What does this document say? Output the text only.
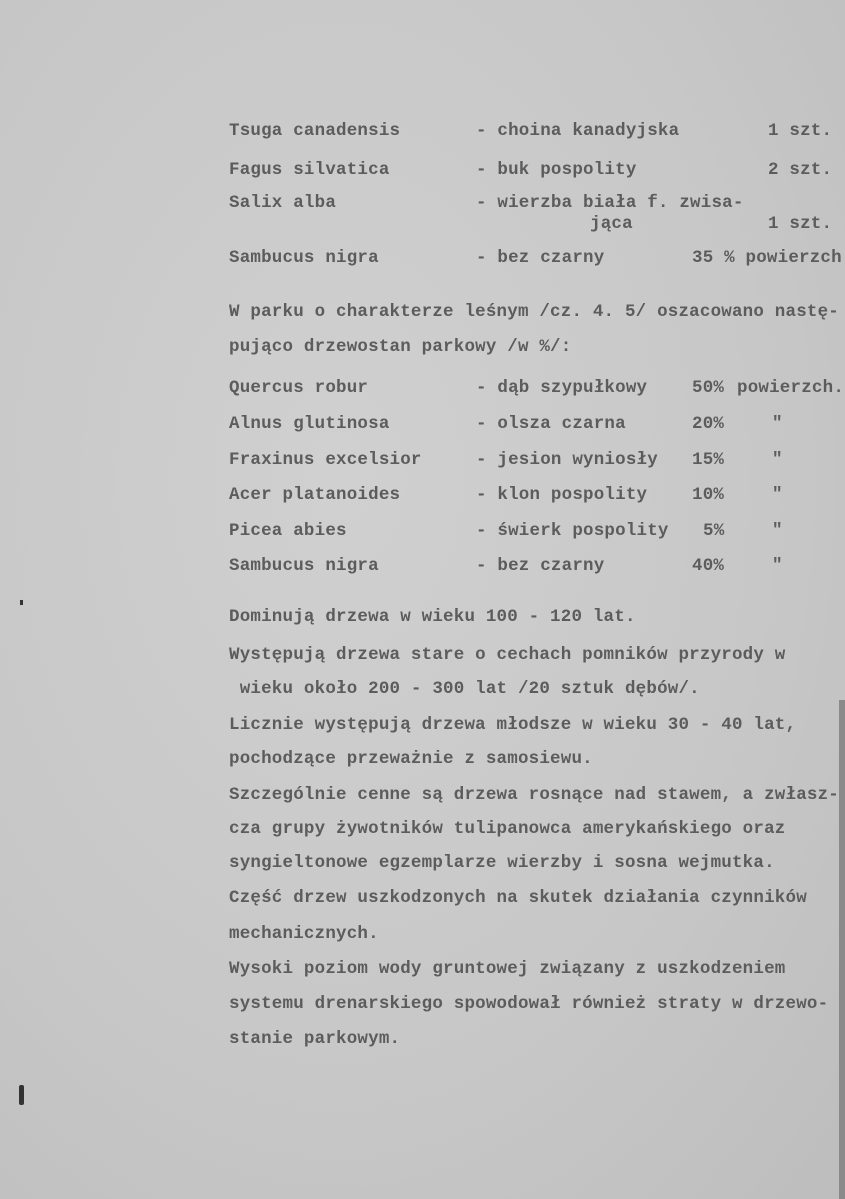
Tsuga canadensis	- choina kanadyjska	1 szt.
Fagus silvatica	- buk pospolity	2 szt.
Salix alba	- wierzba biała f. zwisa-
jąca	1 szt.
Sambucus nigra	- bez czarny	35 % powierzch
W parku o charakterze leśnym /cz. 4. 5/ oszacowano nastę-
pująco drzewostan parkowy /w %/:
Quercus robur	- dąb szypułkowy	50% powierzch.
Alnus glutinosa	- olsza czarna	20%	"
Fraxinus excelsior	- jesion wyniosły 15%	"
Acer platanoides	- klon pospolity	10%	"
Picea abies	- świerk pospolity 5%	"
Sambucus nigra	- bez czarny	40%	"
Dominują drzewa w wieku 100 - 120 lat.
Występują drzewa stare o cechach pomników przyrody w
wieku około 200 - 300 lat /20 sztuk dębów/.
Licznie występują drzewa młodsze w wieku 30 - 40 lat,
pochodzące przeważnie z samosiewu.
Szczególnie cenne są drzewa rosnące nad stawem, a zwłasz-
cza grupy żywotników tulipanowca amerykańskiego oraz
syngieltonowe egzemplarze wierzby i sosna wejmutka.
Część drzew uszkodzonych na skutek działania czynników
mechanicznych.
Wysoki poziom wody gruntowej związany z uszkodzeniem
systemu drenarskiego spowodował również straty w drzewo-
stanie parkowym.
